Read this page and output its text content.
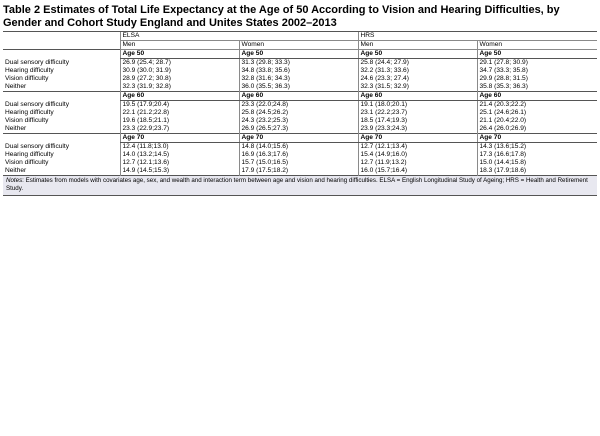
Table 2 Estimates of Total Life Expectancy at the Age of 50 According to Vision and Hearing Difficulties, by Gender and Cohort Study England and Unites States 2002–2013

	ELSA		HRS	
	Men	Women	Men	Women
	Age 50	Age 50	Age 50	Age 50
Dual sensory difficulty	26.9 (25.4; 28.7)	31.3 (29.8; 33.3)	25.8 (24.4; 27.9)	29.1 (27.8; 30.9)
Hearing difficulty	30.9 (30.0; 31.9)	34.8 (33.8; 35.6)	32.2 (31.3; 33.6)	34.7 (33.3; 35.8)
Vision difficulty	28.9 (27.2; 30.8)	32.8 (31.6; 34.3)	24.6 (23.3; 27.4)	29.9 (28.8; 31.5)
Neither	32.3 (31.9; 32.8)	36.0 (35.5; 36.3)	32.3 (31.5; 32.9)	35.8 (35.3; 36.3)
	Age 60	Age 60	Age 60	Age 60
Dual sensory difficulty	19.5 (17.9;20.4)	23.3 (22.0;24.8)	19.1 (18.0;20.1)	21.4 (20.3;22.2)
Hearing difficulty	22.1 (21.2;22.8)	25.8 (24.5;26.2)	23.1 (22.2;23.7)	25.1 (24.6;26.1)
Vision difficulty	19.6 (18.5;21.1)	24.3 (23.2;25.3)	18.5 (17.4;19.3)	21.1 (20.4;22.0)
Neither	23.3 (22.9;23.7)	26.9 (26.5;27.3)	23.9 (23.3;24.3)	26.4 (26.0;26.9)
	Age 70	Age 70	Age 70	Age 70
Dual sensory difficulty	12.4 (11.8;13.0)	14.8 (14.0;15.6)	12.7 (12.1;13.4)	14.3 (13.6;15.2)
Hearing difficulty	14.0 (13.2;14.5)	16.9 (16.3;17.6)	15.4 (14.9;16.0)	17.3 (16.6;17.8)
Vision difficulty	12.7 (12.1;13.6)	15.7 (15.0;16.5)	12.7 (11.9;13.2)	15.0 (14.4;15.8)
Neither	14.9 (14.5;15.3)	17.9 (17.5;18.2)	16.0 (15.7;16.4)	18.3 (17.9;18.6)
Notes: Estimates from models with covariates age, sex, and wealth and interaction term between age and vision and hearing difficulties. ELSA = English Longitudinal Study of Ageing; HRS = Health and Retirement Study.				
